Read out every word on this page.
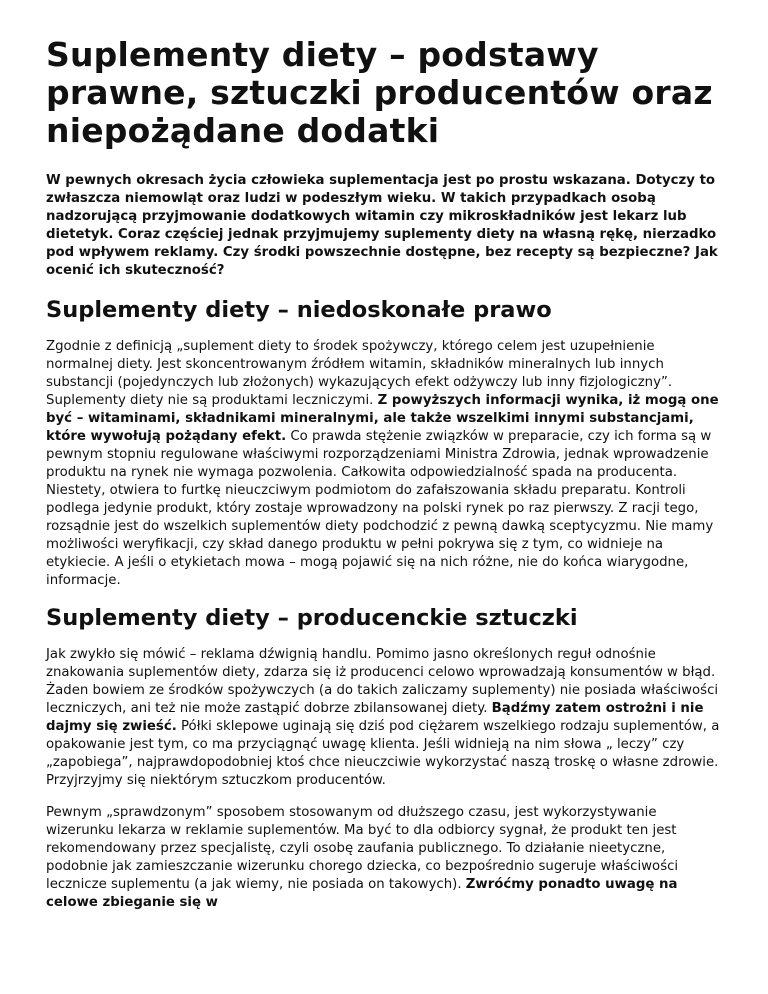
Suplementy diety – podstawy prawne, sztuczki producentów oraz niepożądane dodatki

W pewnych okresach życia człowieka suplementacja jest po prostu wskazana. Dotyczy to zwłaszcza niemowląt oraz ludzi w podeszłym wieku. W takich przypadkach osobą nadzorującą przyjmowanie dodatkowych witamin czy mikroskładników jest lekarz lub dietetyk. Coraz częściej jednak przyjmujemy suplementy diety na własną rękę, nierzadko pod wpływem reklamy. Czy środki powszechnie dostępne, bez recepty są bezpieczne? Jak ocenić ich skuteczność?

Suplementy diety – niedoskonałe prawo

Zgodnie z definicją „suplement diety to środek spożywczy, którego celem jest uzupełnienie normalnej diety. Jest skoncentrowanym źródłem witamin, składników mineralnych lub innych substancji (pojedynczych lub złożonych) wykazujących efekt odżywczy lub inny fizjologiczny”. Suplementy diety nie są produktami leczniczymi. Z powyższych informacji wynika, iż mogą one być – witaminami, składnikami mineralnymi, ale także wszelkimi innymi substancjami, które wywołują pożądany efekt. Co prawda stężenie związków w preparacie, czy ich forma są w pewnym stopniu regulowane właściwymi rozporządzeniami Ministra Zdrowia, jednak wprowadzenie produktu na rynek nie wymaga pozwolenia. Całkowita odpowiedzialność spada na producenta. Niestety, otwiera to furtkę nieuczciwym podmiotom do zafałszowania składu preparatu. Kontroli podlega jedynie produkt, który zostaje wprowadzony na polski rynek po raz pierwszy. Z racji tego, rozsądnie jest do wszelkich suplementów diety podchodzić z pewną dawką sceptycyzmu. Nie mamy możliwości weryfikacji, czy skład danego produktu w pełni pokrywa się z tym, co widnieje na etykiecie. A jeśli o etykietach mowa – mogą pojawić się na nich różne, nie do końca wiarygodne, informacje.

Suplementy diety – producenckie sztuczki

Jak zwykło się mówić – reklama dźwignią handlu. Pomimo jasno określonych reguł odnośnie znakowania suplementów diety, zdarza się iż producenci celowo wprowadzają konsumentów w błąd. Żaden bowiem ze środków spożywczych (a do takich zaliczamy suplementy) nie posiada właściwości leczniczych, ani też nie może zastąpić dobrze zbilansowanej diety. Bądźmy zatem ostrożni i nie dajmy się zwieść. Półki sklepowe uginają się dziś pod ciężarem wszelkiego rodzaju suplementów, a opakowanie jest tym, co ma przyciągnąć uwagę klienta. Jeśli widnieją na nim słowa „ leczy” czy „zapobiega”, najprawdopodobniej ktoś chce nieuczciwie wykorzystać naszą troskę o własne zdrowie. Przyjrzyjmy się niektórym sztuczkom producentów.

Pewnym „sprawdzonym” sposobem stosowanym od dłuższego czasu, jest wykorzystywanie wizerunku lekarza w reklamie suplementów. Ma być to dla odbiorcy sygnał, że produkt ten jest rekomendowany przez specjalistę, czyli osobę zaufania publicznego. To działanie nieetyczne, podobnie jak zamieszczanie wizerunku chorego dziecka, co bezpośrednio sugeruje właściwości lecznicze suplementu (a jak wiemy, nie posiada on takowych). Zwróćmy ponadto uwagę na celowe zbieganie się w
